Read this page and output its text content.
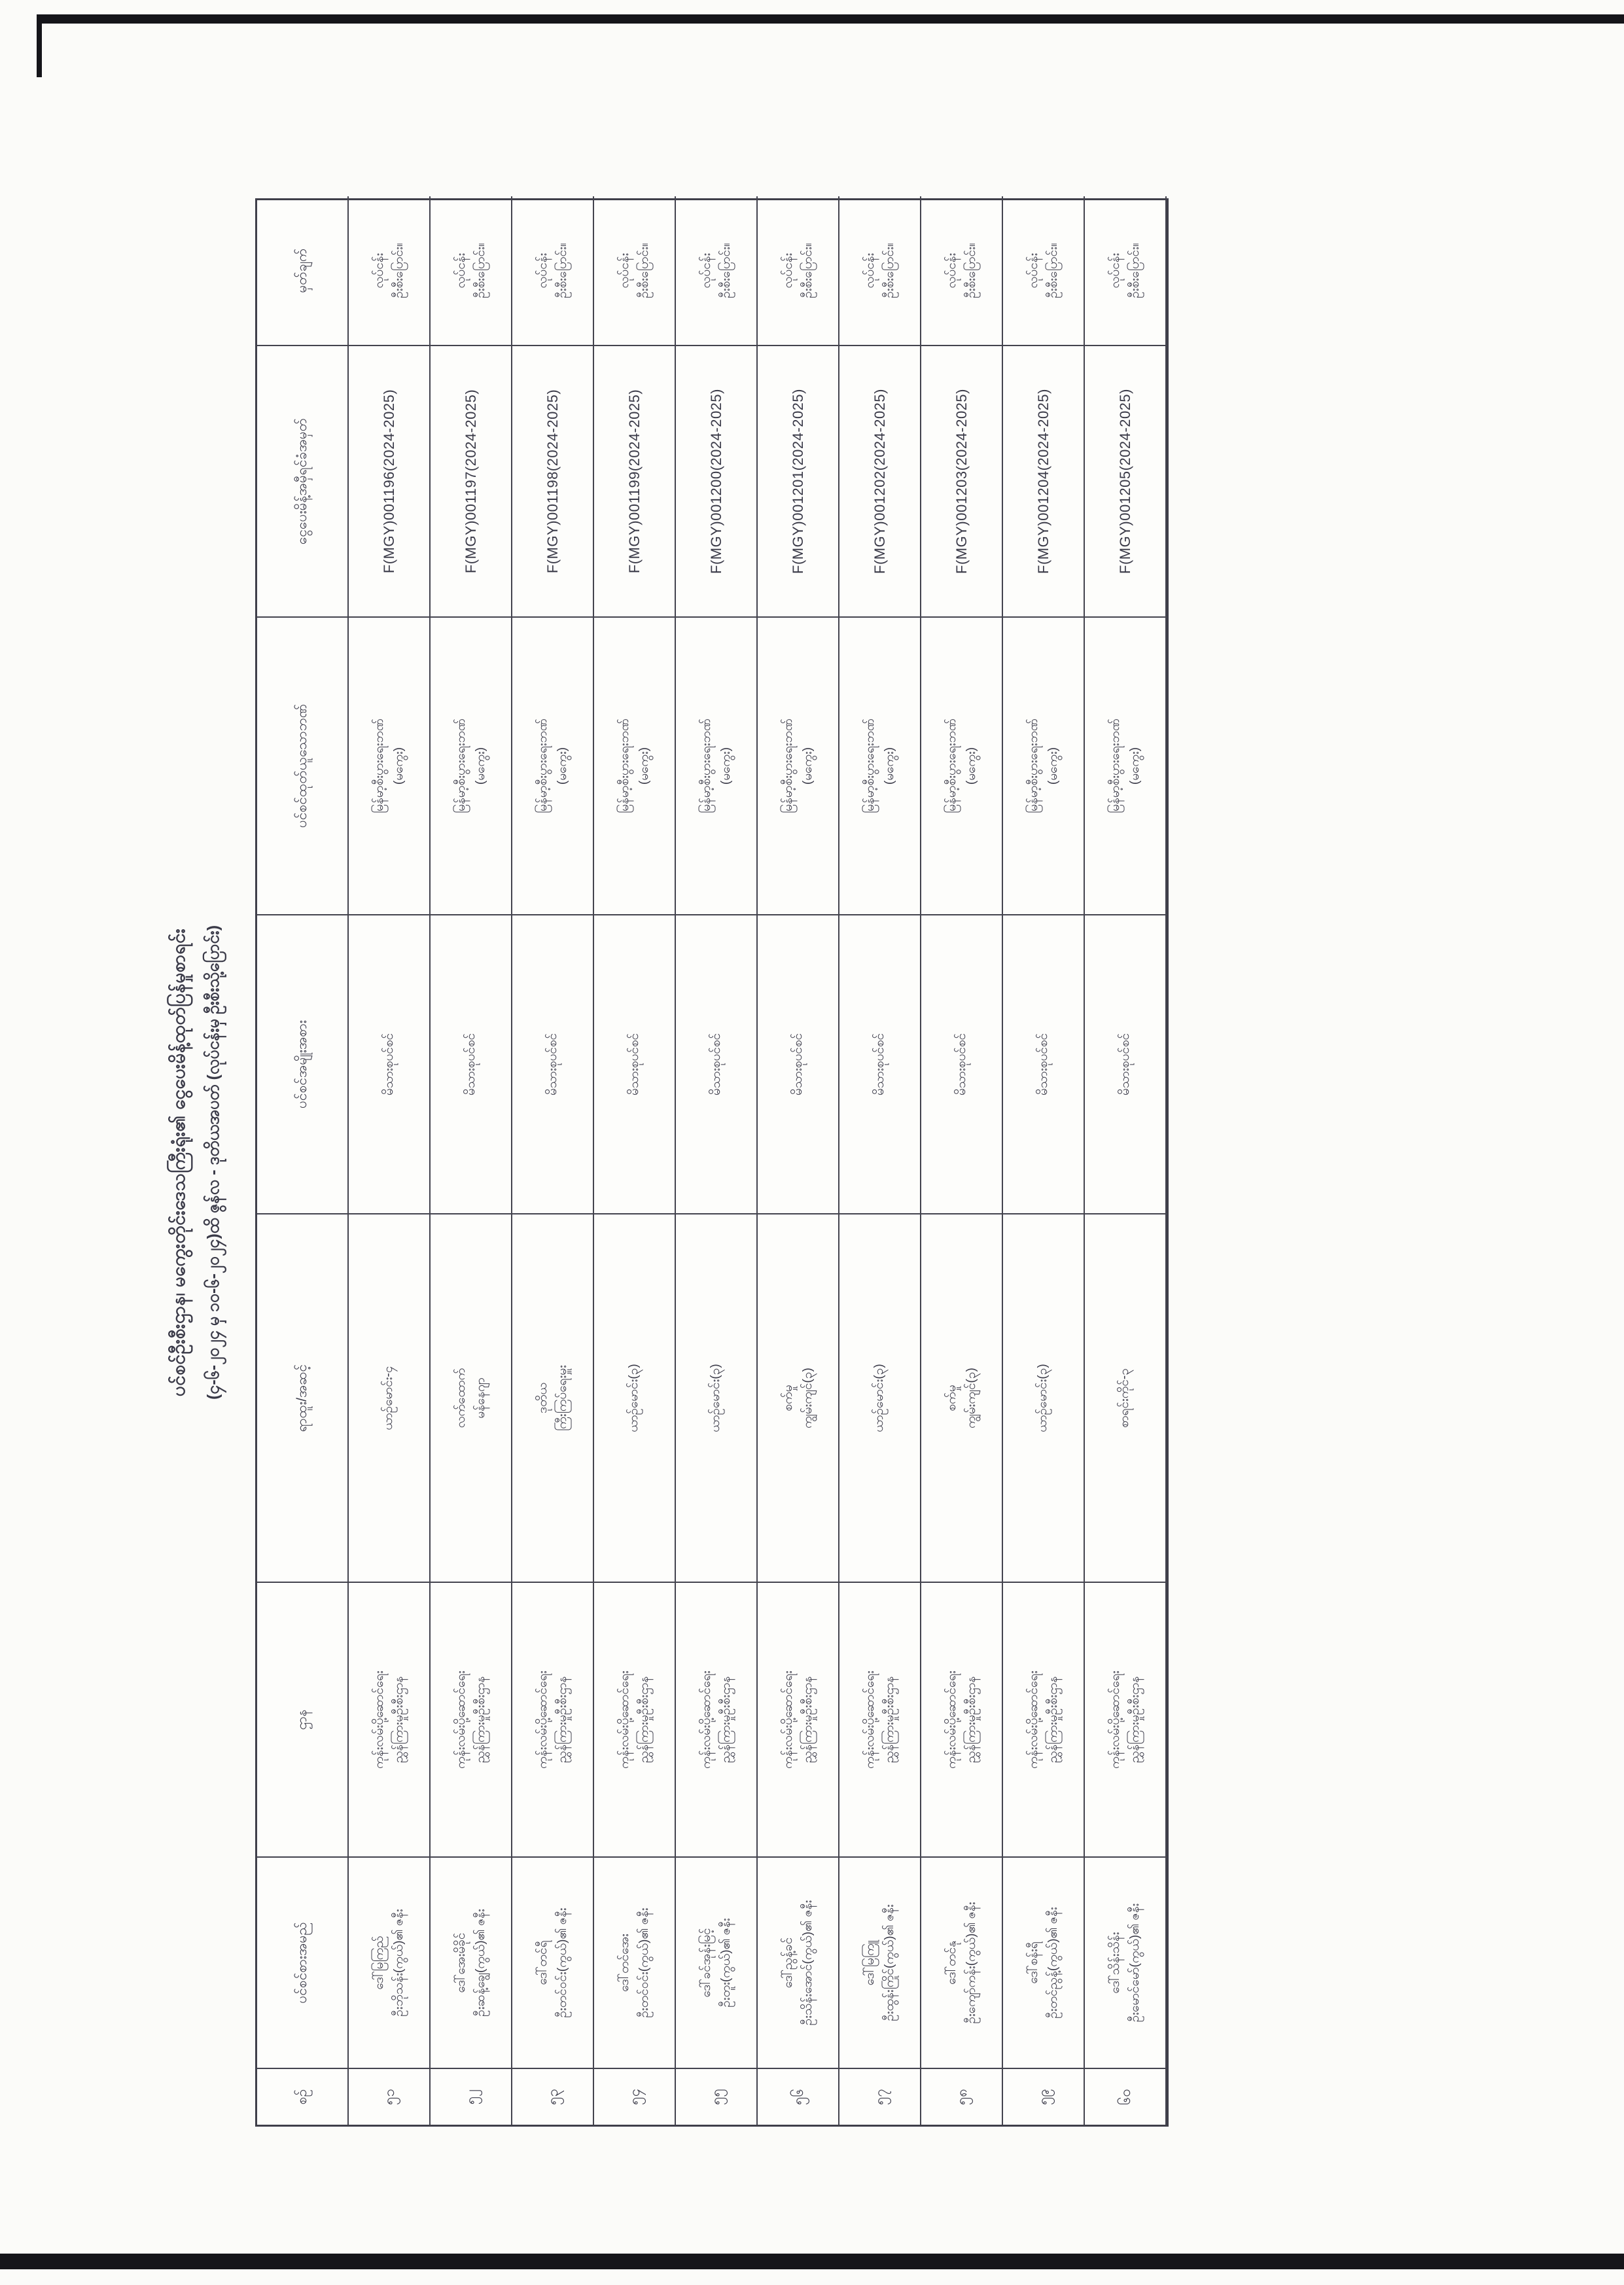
ပင်စင်ဦးစီးဌာန၊ မကွေးတိုင်းဒေသကြီးရုံး၏ ငွေပေးမိန့်ထုတ်ပြန်မှုစာရင်း (၄-၆-၂၀၂၄ မှ ၁၀-၆-၂၀၂၄)ထိ ဇွန်လ - ဒုတိယအပတ် (လုပ်ငန်းမှ ဦးစီးသို့ပြောင်း)
စဉ်
ပင်စင်စားအမည်
ဌာန
ရာထူး/အဆင့်
ပင်စင်အမျိုးအစား
ပင်စင်ထုတ်ယူသောဘဏ်
ငွေပေးမိန့်အမှီရင်ခံအမှတ်
မှတ်ချက်
၅၁
ဒေါ်မြကြည် ဦးဘိုသန်း(ကွယ်)၏ ဇနီး
ကုန်းလမ်းပို့ဆောင်ရေး ညွှန်ကြားမှုဦးစီးဌာန
ယာဉ်မောင်း-၄
မိသားစုပင်စင်
မြန်မာ့စီးပွားရေးဘဏ် (မကွေး)
F(MGY)001196(2024-2025)
လုပ်ငန်း ဦးစီးပြောင်း။
၅၂
ဒေါ်အေးမိခိုင် ဦးဆန့်ချွေ(ကွယ်)၏ ဇနီး
ကုန်းလမ်းပို့ဆောင်ရေး ညွှန်ကြားမှုဦးစီးဌာန
လက်ထောက် မန်နေဂျာ
မိသားစုပင်စင်
မြန်မာ့စီးပွားရေးဘဏ် (မကွေး)
F(MGY)001197(2024-2025)
လုပ်ငန်း ဦးစီးပြောင်း။
၅၃
ဒေါ်တင်ရီ ဦးတင်ဝင်း(ကွယ်)၏ ဇနီး
ကုန်းလမ်းပို့ဆောင်ရေး ညွှန်ကြားမှုဦးစီးဌာန
ဒုတိယ ကြီးကြပ်ရေးမှူး
မိသားစုပင်စင်
မြန်မာ့စီးပွားရေးဘဏ် (မကွေး)
F(MGY)001198(2024-2025)
လုပ်ငန်း ဦးစီးပြောင်း။
၅၄
ဒေါ်တင်အေး ဦးတင်ဝင်း(ကွယ်)၏ ဇနီး
ကုန်းလမ်းပို့ဆောင်ရေး ညွှန်ကြားမှုဦးစီးဌာန
ယာဉ်မောင်း(၃)
မိသားစုပင်စင်
မြန်မာ့စီးပွားရေးဘဏ် (မကွေး)
F(MGY)001199(2024-2025)
လုပ်ငန်း ဦးစီးပြောင်း။
၅၅
ဒေါ်ခင်အုန်းမြင့် ဦးတူး(ကွယ်)၏ ဇနီး
ကုန်းလမ်းပို့ဆောင်ရေး ညွှန်ကြားမှုဦးစီးဌာန
ယာဉ်မောင်း(၃)
မိသားစုပင်စင်
မြန်မာ့စီးပွားရေးဘဏ် (မကွေး)
F(MGY)001200(2024-2025)
လုပ်ငန်း ဦးစီးပြောင်း။
၅၆
ဒေါ်ညွန့်ခင် ဦးသိန်းအောင်(ကွယ်)၏ ဇနီး
ကုန်းလမ်းပို့ဆောင်ရေး ညွှန်ကြားမှုဦးစီးဌာန
စက်မှု ကျွမ်းကျင်(၃)
မိသားစုပင်စင်
မြန်မာ့စီးပွားရေးဘဏ် (မကွေး)
F(MGY)001201(2024-2025)
လုပ်ငန်း ဦးစီးပြောင်း။
၅၇
ဒေါ်မြကြူ ဦးထွန်းကြိုင်(ကွယ်)၏ ဇနီး
ကုန်းလမ်းပို့ဆောင်ရေး ညွှန်ကြားမှုဦးစီးဌာန
ယာဉ်မောင်း(၃)
မိသားစုပင်စင်
မြန်မာ့စီးပွားရေးဘဏ် (မကွေး)
F(MGY)001202(2024-2025)
လုပ်ငန်း ဦးစီးပြောင်း။
၅၈
ဒေါ်တင်နု ဦးကျော်ကန်း(ကွယ်)၏ ဇနီး
ကုန်းလမ်းပို့ဆောင်ရေး ညွှန်ကြားမှုဦးစီးဌာန
စက်မှု ကျွမ်းကျင်(၃)
မိသားစုပင်စင်
မြန်မာ့စီးပွားရေးဘဏ် (မကွေး)
F(MGY)001203(2024-2025)
လုပ်ငန်း ဦးစီးပြောင်း။
၅၉
ဒေါ်စန်းရီ ဦးတင်ညွန့်(ကွယ်)၏ ဇနီး
ကုန်းလမ်းပို့ဆောင်ရေး ညွှန်ကြားမှုဦးစီးဌာန
ယာဉ်မောင်း(၃)
မိသားစုပင်စင်
မြန်မာ့စီးပွားရေးဘဏ် (မကွေး)
F(MGY)001204(2024-2025)
လုပ်ငန်း ဦးစီးပြောင်း။
၆၀
ဒေါ်သိန်းသိန်း ဦးမောင်မော်(ကွယ်)၏ ဇနီး
ကုန်းလမ်းပို့ဆောင်ရေး ညွှန်ကြားမှုဦးစီးဌာန
စာရင်းကိုင်-၃
မိသားစုပင်စင်
မြန်မာ့စီးပွားရေးဘဏ် (မကွေး)
F(MGY)001205(2024-2025)
လုပ်ငန်း ဦးစီးပြောင်း။
